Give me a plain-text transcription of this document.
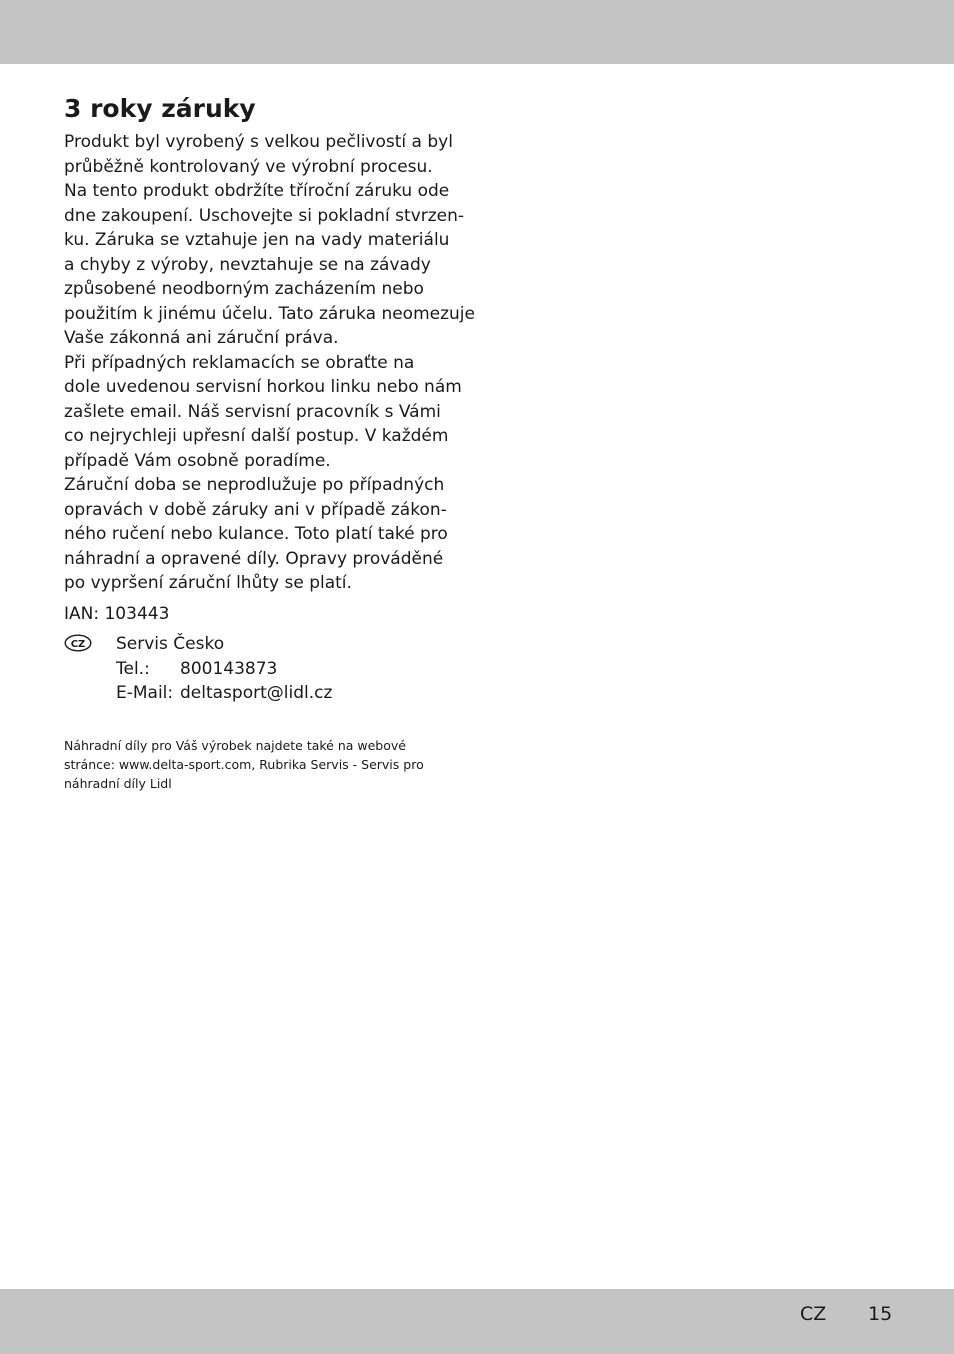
3 roky záruky

Produkt byl vyrobený s velkou pečlivostí a byl
průběžně kontrolovaný ve výrobní procesu.
Na tento produkt obdržíte tříroční záruku ode
dne zakoupení. Uschovejte si pokladní stvrzen-
ku. Záruka se vztahuje jen na vady materiálu
a chyby z výroby, nevztahuje se na závady
způsobené neodborným zacházením nebo
použitím k jinému účelu. Tato záruka neomezuje
Vaše zákonná ani záruční práva.

Při případných reklamacích se obraťte na
dole uvedenou servisní horkou linku nebo nám
zašlete email. Náš servisní pracovník s Vámi
co nejrychleji upřesní další postup. V každém
případě Vám osobně poradíme.

Záruční doba se neprodlužuje po případných
opravách v době záruky ani v případě zákon-
ného ručení nebo kulance. Toto platí také pro
náhradní a opravené díly. Opravy prováděné
po vypršení záruční lhůty se platí.

IAN: 103443

CZ Servis Česko
Tel.:	800143873
E-Mail: deltasport@lidl.cz

Náhradní díly pro Váš výrobek najdete také na webové
stránce: www.delta-sport.com, Rubrika Servis - Servis pro
náhradní díly Lidl

CZ 15
